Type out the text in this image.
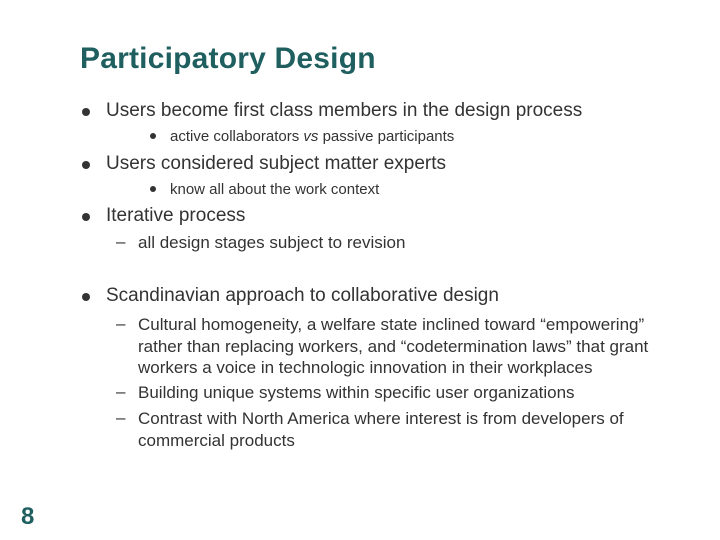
Participatory Design
Users become first class members in the design process
active collaborators vs passive participants
Users considered subject matter experts
know all about the work context
Iterative process
– all design stages subject to revision
Scandinavian approach to collaborative design
– Cultural homogeneity, a welfare state inclined toward “empowering” rather than replacing workers, and “codetermination laws” that grant workers a voice in technologic innovation in their workplaces
– Building unique systems within specific user organizations
– Contrast with North America where interest is from developers of commercial products
8
